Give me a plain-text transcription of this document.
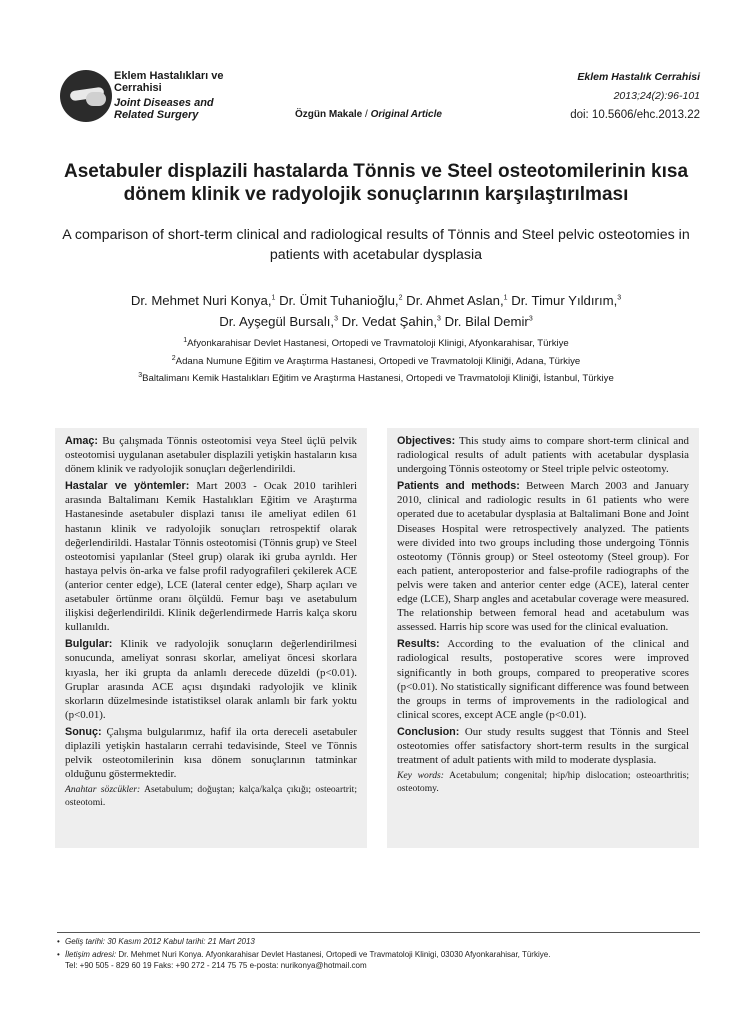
Eklem Hastalıkları ve
Cerrahisi
Joint Diseases and
Related Surgery	Özgün Makale / Original Article
Eklem Hastalık Cerrahisi
2013;24(2):96-101
doi: 10.5606/ehc.2013.22
Asetabuler displazili hastalarda Tönnis ve Steel osteotomilerinin kısa dönem klinik ve radyolojik sonuçlarının karşılaştırılması
A comparison of short-term clinical and radiological results of Tönnis and Steel pelvic osteotomies in patients with acetabular dysplasia
Dr. Mehmet Nuri Konya,$^1$ Dr. Ümit Tuhanioğlu,$^2$ Dr. Ahmet Aslan,$^1$ Dr. Timur Yıldırım,$^3$
Dr. Ayşegül Bursalı,$^3$ Dr. Vedat Şahin,$^3$ Dr. Bilal Demir$^3$
$^1$Afyonkarahisar Devlet Hastanesi, Ortopedi ve Travmatoloji Klinigi, Afyonkarahisar, Türkiye
$^2$Adana Numune Eğitim ve Araştırma Hastanesi, Ortopedi ve Travmatoloji Kliniği, Adana, Türkiye
$^3$Baltalimanı Kemik Hastalıkları Eğitim ve Araştırma Hastanesi, Ortopedi ve Travmatoloji Kliniği, İstanbul, Türkiye

Amaç: Bu çalışmada Tönnis osteotomisi veya Steel üçlü pelvik osteotomisi uygulanan asetabuler displazili yetişkin hastaların kısa dönem klinik ve radyolojik sonuçları değerlendirildi.

Hastalar ve yöntemler: Mart 2003 - Ocak 2010 tarihleri arasında Baltalimanı Kemik Hastalıkları Eğitim ve Araştırma Hastanesinde asetabuler displazi tanısı ile ameliyat edilen 61 hastanın klinik ve radyolojik sonuçları retrospektif olarak değerlendirildi. Hastalar Tönnis osteotomisi (Tönnis grup) ve Steel osteotomisi yapılanlar (Steel grup) olarak iki gruba ayrıldı. Her hastaya pelvis ön-arka ve false profil radyografileri çekilerek ACE (anterior center edge), LCE (lateral center edge), Sharp açıları ve asetabuler örtünme oranı ölçüldü. Femur başı ve asetabulum ilişkisi değerlendirildi. Klinik değerlendirmede Harris kalça skoru kullanıldı.

Bulgular: Klinik ve radyolojik sonuçların değerlendirilmesi sonucunda, ameliyat sonrası skorlar, ameliyat öncesi skorlara kıyasla, her iki grupta da anlamlı derecede düzeldi (p<0.01). Gruplar arasında ACE açısı dışındaki radyolojik ve klinik skorların düzelmesinde istatistiksel olarak anlamlı bir fark yoktu (p<0.01).

Sonuç: Çalışma bulgularımız, hafif ila orta dereceli asetabuler diplazili yetişkin hastaların cerrahi tedavisinde, Steel ve Tönnis pelvik osteotomilerinin kısa dönem sonuçlarının tatminkar olduğunu göstermektedir.

Anahtar sözcükler: Asetabulum; doğuştan; kalça/kalça çıkığı; osteoartrit; osteotomi.

Objectives: This study aims to compare short-term clinical and radiological results of adult patients with acetabular dysplasia undergoing Tönnis osteotomy or Steel triple pelvic osteotomy.

Patients and methods: Between March 2003 and January 2010, clinical and radiologic results in 61 patients who were operated due to acetabular dysplasia at Baltalimani Bone and Joint Diseases Hospital were retrospectively analyzed. The patients were divided into two groups including those undergoing Tönnis osteotomy (Tönnis group) or Steel osteotomy (Steel group). For each patient, anteroposterior and false-profile radiographs of the pelvis were taken and anterior center edge (ACE), lateral center edge (LCE), Sharp angles and acetabular coverage were measured. The relationship between femoral head and acetabulum was assessed. Harris hip score was used for the clinical evaluation.

Results: According to the evaluation of the clinical and radiological results, postoperative scores were improved significantly in both groups, compared to preoperative scores (p<0.01). No statistically significant difference was found between the groups in terms of improvements in the radiological and clinical scores, except ACE angle (p<0.01).

Conclusion: Our study results suggest that Tönnis and Steel osteotomies offer satisfactory short-term results in the surgical treatment of adult patients with mild to moderate dysplasia.

Key words: Acetabulum; congenital; hip/hip dislocation; osteoarthritis; osteotomy.

• Geliş tarihi: 30 Kasım 2012 Kabul tarihi: 21 Mart 2013
• İletişim adresi: Dr. Mehmet Nuri Konya. Afyonkarahisar Devlet Hastanesi, Ortopedi ve Travmatoloji Klinigi, 03030 Afyonkarahisar, Türkiye.
Tel: +90 505 - 829 60 19 Faks: +90 272 - 214 75 75 e-posta: nurikonya@hotmail.com
